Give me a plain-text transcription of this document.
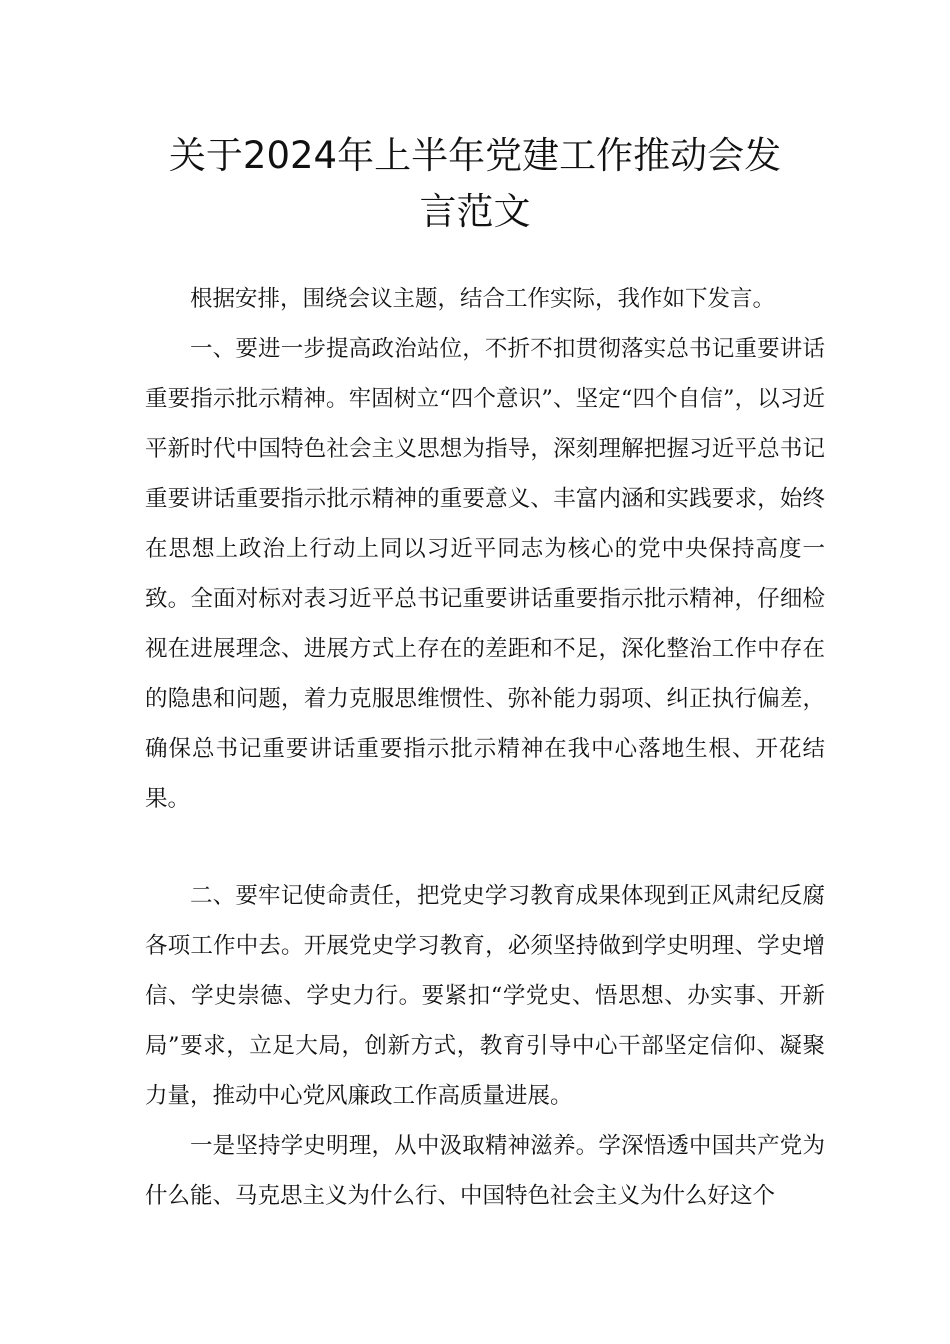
关于2024年上半年党建工作推动会发
言范文

根据安排，围绕会议主题，结合工作实际，我作如下发言。

一、要进一步提高政治站位，不折不扣贯彻落实总书记重要讲话重要指示批示精神。牢固树立“四个意识”、坚定“四个自信”，以习近平新时代中国特色社会主义思想为指导，深刻理解把握习近平总书记重要讲话重要指示批示精神的重要意义、丰富内涵和实践要求，始终在思想上政治上行动上同以习近平同志为核心的党中央保持高度一致。全面对标对表习近平总书记重要讲话重要指示批示精神，仔细检视在进展理念、进展方式上存在的差距和不足，深化整治工作中存在的隐患和问题，着力克服思维惯性、弥补能力弱项、纠正执行偏差，确保总书记重要讲话重要指示批示精神在我中心落地生根、开花结果。

二、要牢记使命责任，把党史学习教育成果体现到正风肃纪反腐各项工作中去。开展党史学习教育，必须坚持做到学史明理、学史增信、学史崇德、学史力行。要紧扣“学党史、悟思想、办实事、开新局”要求，立足大局，创新方式，教育引导中心干部坚定信仰、凝聚力量，推动中心党风廉政工作高质量进展。

一是坚持学史明理，从中汲取精神滋养。学深悟透中国共产党为什么能、马克思主义为什么行、中国特色社会主义为什么好这个
